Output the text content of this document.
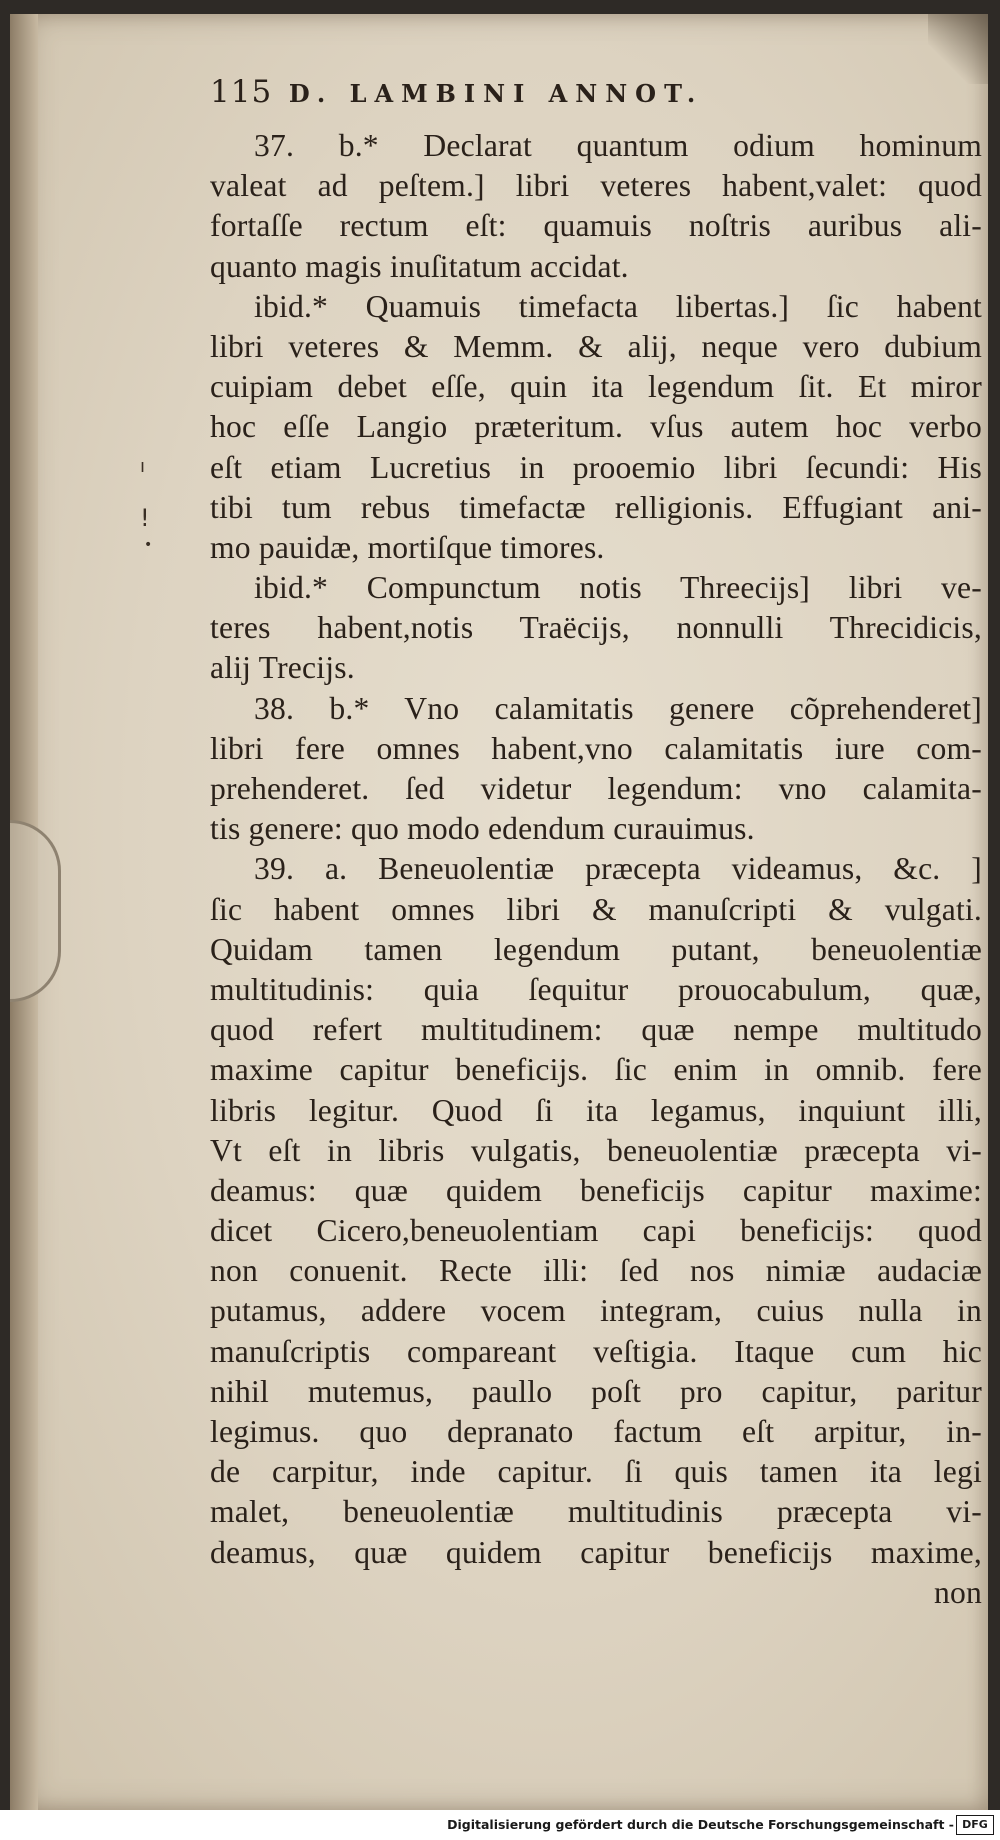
115 D. LAMBINI ANNOT.
ı
!
•
37. b.* Declarat quantum odium hominum
valeat ad peſtem.] libri veteres habent,valet: quod
fortaſſe rectum eſt: quamuis noſtris auribus ali-
quanto magis inuſitatum accidat.
ibid.* Quamuis timefacta libertas.] ſic habent
libri veteres & Memm. & alij, neque vero dubium
cuipiam debet eſſe, quin ita legendum ſit. Et miror
hoc eſſe Langio præteritum. vſus autem hoc verbo
eſt etiam Lucretius in prooemio libri ſecundi: His
tibi tum rebus timefactæ relligionis. Effugiant ani-
mo pauidæ, mortiſque timores.
ibid.* Compunctum notis Threecijs] libri ve-
teres habent,notis Traëcijs, nonnulli Threcidicis,
alij Trecijs.
38. b.* Vno calamitatis genere cõprehenderet]
libri fere omnes habent,vno calamitatis iure com-
prehenderet. ſed videtur legendum: vno calamita-
tis genere: quo modo edendum curauimus.
39. a. Beneuolentiæ præcepta videamus, &c. ]
ſic habent omnes libri & manuſcripti & vulgati.
Quidam tamen legendum putant, beneuolentiæ
multitudinis: quia ſequitur prouocabulum, quæ,
quod refert multitudinem: quæ nempe multitudo
maxime capitur beneficijs. ſic enim in omnib. fere
libris legitur. Quod ſi ita legamus, inquiunt illi,
Vt eſt in libris vulgatis, beneuolentiæ præcepta vi-
deamus: quæ quidem beneficijs capitur maxime:
dicet Cicero,beneuolentiam capi beneficijs: quod
non conuenit. Recte illi: ſed nos nimiæ audaciæ
putamus, addere vocem integram, cuius nulla in
manuſcriptis compareant veſtigia. Itaque cum hic
nihil mutemus, paullo poſt pro capitur, paritur
legimus. quo depranato factum eſt arpitur, in-
de carpitur, inde capitur. ſi quis tamen ita legi
malet, beneuolentiæ multitudinis præcepta vi-
deamus, quæ quidem capitur beneficijs maxime,
non
Digitalisierung gefördert durch die Deutsche Forschungsgemeinschaft - DFG
